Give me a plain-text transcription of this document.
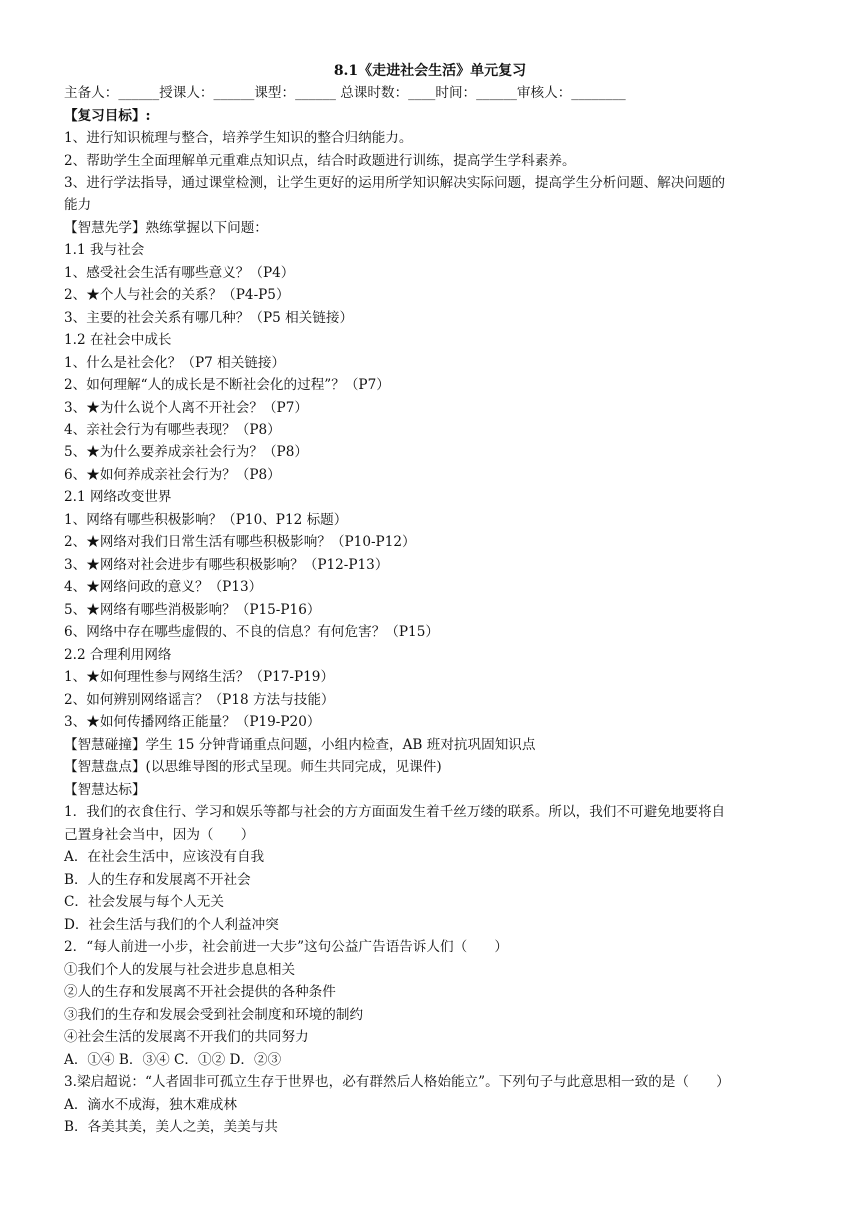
8.1《走进社会生活》单元复习
主备人：______授课人：______课型：______ 总课时数：____时间：______审核人：________
【复习目标】:
1、进行知识梳理与整合，培养学生知识的整合归纳能力。
2、帮助学生全面理解单元重难点知识点，结合时政题进行训练，提高学生学科素养。
3、进行学法指导，通过课堂检测，让学生更好的运用所学知识解决实际问题，提高学生分析问题、解决问题的
能力
【智慧先学】熟练掌握以下问题：
1.1 我与社会
1、感受社会生活有哪些意义？（P4）
2、★个人与社会的关系？（P4-P5）
3、主要的社会关系有哪几种？（P5 相关链接）
1.2 在社会中成长
1、什么是社会化？（P7 相关链接）
2、如何理解“人的成长是不断社会化的过程”？（P7）
3、★为什么说个人离不开社会？（P7）
4、亲社会行为有哪些表现？（P8）
5、★为什么要养成亲社会行为？（P8）
6、★如何养成亲社会行为？（P8）
2.1 网络改变世界
1、网络有哪些积极影响？（P10、P12 标题）
2、★网络对我们日常生活有哪些积极影响？（P10-P12）
3、★网络对社会进步有哪些积极影响？（P12-P13）
4、★网络问政的意义？（P13）
5、★网络有哪些消极影响？（P15-P16）
6、网络中存在哪些虚假的、不良的信息？有何危害？（P15）
2.2 合理利用网络
1、★如何理性参与网络生活？（P17-P19）
2、如何辨别网络谣言？（P18 方法与技能）
3、★如何传播网络正能量？（P19-P20）
【智慧碰撞】学生 15 分钟背诵重点问题，小组内检查，AB 班对抗巩固知识点
【智慧盘点】(以思维导图的形式呈现。师生共同完成，见课件)
【智慧达标】
1．我们的衣食住行、学习和娱乐等都与社会的方方面面发生着千丝万缕的联系。所以，我们不可避免地要将自
己置身社会当中，因为（　　）
A．在社会生活中，应该没有自我
B．人的生存和发展离不开社会
C．社会发展与每个人无关
D．社会生活与我们的个人利益冲突
2．“每人前进一小步，社会前进一大步”这句公益广告语告诉人们（　　）
①我们个人的发展与社会进步息息相关
②人的生存和发展离不开社会提供的各种条件
③我们的生存和发展会受到社会制度和环境的制约
④社会生活的发展离不开我们的共同努力
A．①④ B．③④ C．①② D．②③
3.梁启超说：“人者固非可孤立生存于世界也，必有群然后人格始能立”。下列句子与此意思相一致的是（　　）
A．滴水不成海，独木难成林
B．各美其美，美人之美，美美与共
